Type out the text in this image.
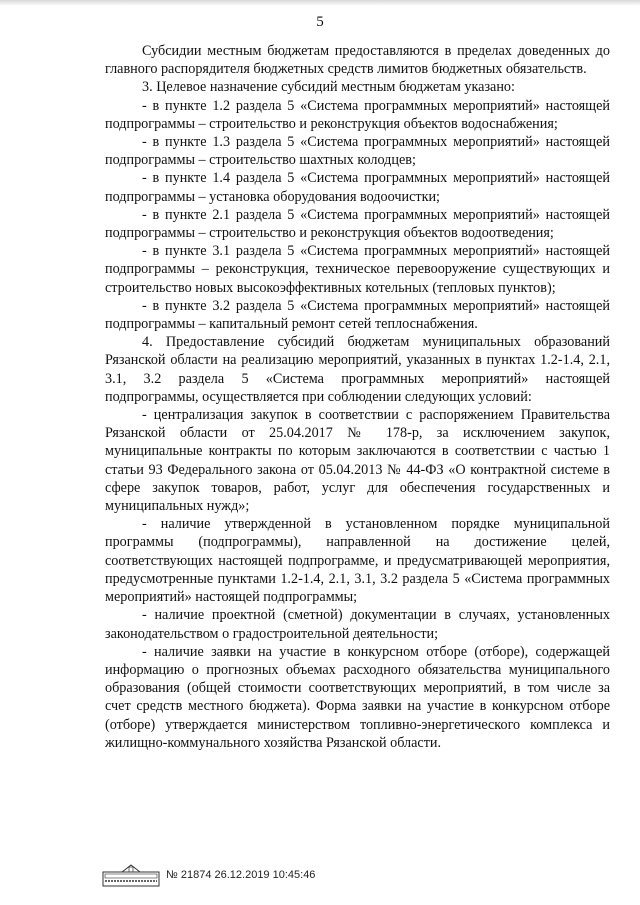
5

Субсидии местным бюджетам предоставляются в пределах доведенных до главного распорядителя бюджетных средств лимитов бюджетных обязательств.

3. Целевое назначение субсидий местным бюджетам указано:

- в пункте 1.2 раздела 5 «Система программных мероприятий» настоящей подпрограммы – строительство и реконструкция объектов водоснабжения;

- в пункте 1.3 раздела 5 «Система программных мероприятий» настоящей подпрограммы – строительство шахтных колодцев;

- в пункте 1.4 раздела 5 «Система программных мероприятий» настоящей подпрограммы – установка оборудования водоочистки;

- в пункте 2.1 раздела 5 «Система программных мероприятий» настоящей подпрограммы – строительство и реконструкция объектов водоотведения;

- в пункте 3.1 раздела 5 «Система программных мероприятий» настоящей подпрограммы – реконструкция, техническое перевооружение существующих и строительство новых высокоэффективных котельных (тепловых пунктов);

- в пункте 3.2 раздела 5 «Система программных мероприятий» настоящей подпрограммы – капитальный ремонт сетей теплоснабжения.

4. Предоставление субсидий бюджетам муниципальных образований Рязанской области на реализацию мероприятий, указанных в пунктах 1.2-1.4, 2.1, 3.1, 3.2 раздела 5 «Система программных мероприятий» настоящей подпрограммы, осуществляется при соблюдении следующих условий:

- централизация закупок в соответствии с распоряжением Правительства Рязанской области от 25.04.2017 № 178-р, за исключением закупок, муниципальные контракты по которым заключаются в соответствии с частью 1 статьи 93 Федерального закона от 05.04.2013 № 44-ФЗ «О контрактной системе в сфере закупок товаров, работ, услуг для обеспечения государственных и муниципальных нужд»;

- наличие утвержденной в установленном порядке муниципальной программы (подпрограммы), направленной на достижение целей, соответствующих настоящей подпрограмме, и предусматривающей мероприятия, предусмотренные пунктами 1.2-1.4, 2.1, 3.1, 3.2 раздела 5 «Система программных мероприятий» настоящей подпрограммы;

- наличие проектной (сметной) документации в случаях, установленных законодательством о градостроительной деятельности;

- наличие заявки на участие в конкурсном отборе (отборе), содержащей информацию о прогнозных объемах расходного обязательства муниципального образования (общей стоимости соответствующих мероприятий, в том числе за счет средств местного бюджета). Форма заявки на участие в конкурсном отборе (отборе) утверждается министерством топливно-энергетического комплекса и жилищно-коммунального хозяйства Рязанской области.

№ 21874 26.12.2019 10:45:46
